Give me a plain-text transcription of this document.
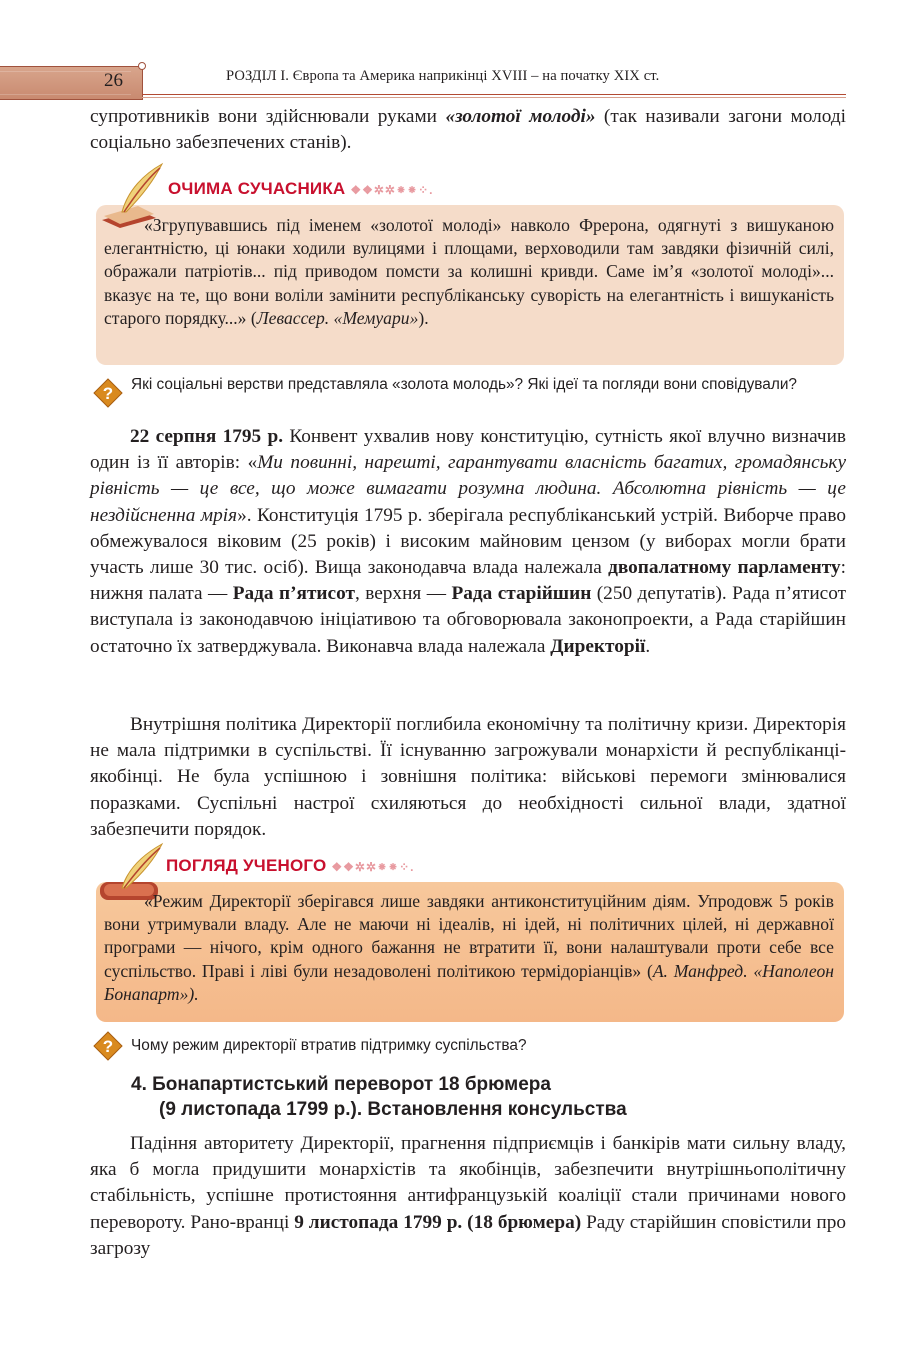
26	РОЗДІЛ І. Європа та Америка наприкінці XVIII – на початку XIX ст.

супротивників вони здійснювали руками «золотої молоді» (так називали загони молоді соціально забезпечених станів).

ОЧИМА СУЧАСНИКА ❖❖✲✲⁕⁕⁘.

«Згрупувавшись під іменем «золотої молоді» навколо Фрерона, одягнуті з вишуканою елегантністю, ці юнаки ходили вулицями і площами, верховодили там завдяки фізичній силі, ображали патріотів... під приводом помсти за колишні кривди. Саме ім’я «золотої молоді»... вказує на те, що вони воліли замінити республіканську суворість на елегантність і вишуканість старого порядку...» (Левассер. «Мемуари»).

? Які соціальні верстви представляла «золота молодь»? Які ідеї та погляди вони сповідували?

22 серпня 1795 р. Конвент ухвалив нову конституцію, сутність якої влучно визначив один із її авторів: «Ми повинні, нарешті, гарантувати власність багатих, громадянську рівність — це все, що може вимагати розумна людина. Абсолютна рівність — це нездійсненна мрія». Конституція 1795 р. зберігала республіканський устрій. Виборче право обмежувалося віковим (25 років) і високим майновим цензом (у виборах могли брати участь лише 30 тис. осіб). Вища законодавча влада належала двопалатному парламенту: нижня палата — Рада п’ятисот, верхня — Рада старійшин (250 депутатів). Рада п’ятисот виступала із законодавчою ініціативою та обговорювала законопроекти, а Рада старійшин остаточно їх затверджувала. Виконавча влада належала Директорії.

Внутрішня політика Директорії поглибила економічну та політичну кризи. Директорія не мала підтримки в суспільстві. Її існуванню загрожували монархісти й республіканці-якобінці. Не була успішною і зовнішня політика: військові перемоги змінювалися поразками. Суспільні настрої схиляються до необхідності сильної влади, здатної забезпечити порядок.

ПОГЛЯД УЧЕНОГО ❖❖✲✲⁕⁕⁘.

«Режим Директорії зберігався лише завдяки антиконституційним діям. Упродовж 5 років вони утримували владу. Але не маючи ні ідеалів, ні ідей, ні політичних цілей, ні державної програми — нічого, крім одного бажання не втратити її, вони налаштували проти себе все суспільство. Праві і ліві були незадоволені політикою термідоріанців» (А. Манфред. «Наполеон Бонапарт»).

? Чому режим директорії втратив підтримку суспільства?
4. Бонапартистський переворот 18 брюмера
(9 листопада 1799 р.). Встановлення консульства

Падіння авторитету Директорії, прагнення підприємців і банкірів мати сильну владу, яка б могла придушити монархістів та якобінців, забезпечити внутрішньополітичну стабільність, успішне протистояння антифранцузькій коаліції стали причинами нового перевороту. Рано-вранці 9 листопада 1799 р. (18 брюмера) Раду старійшин сповістили про загрозу
